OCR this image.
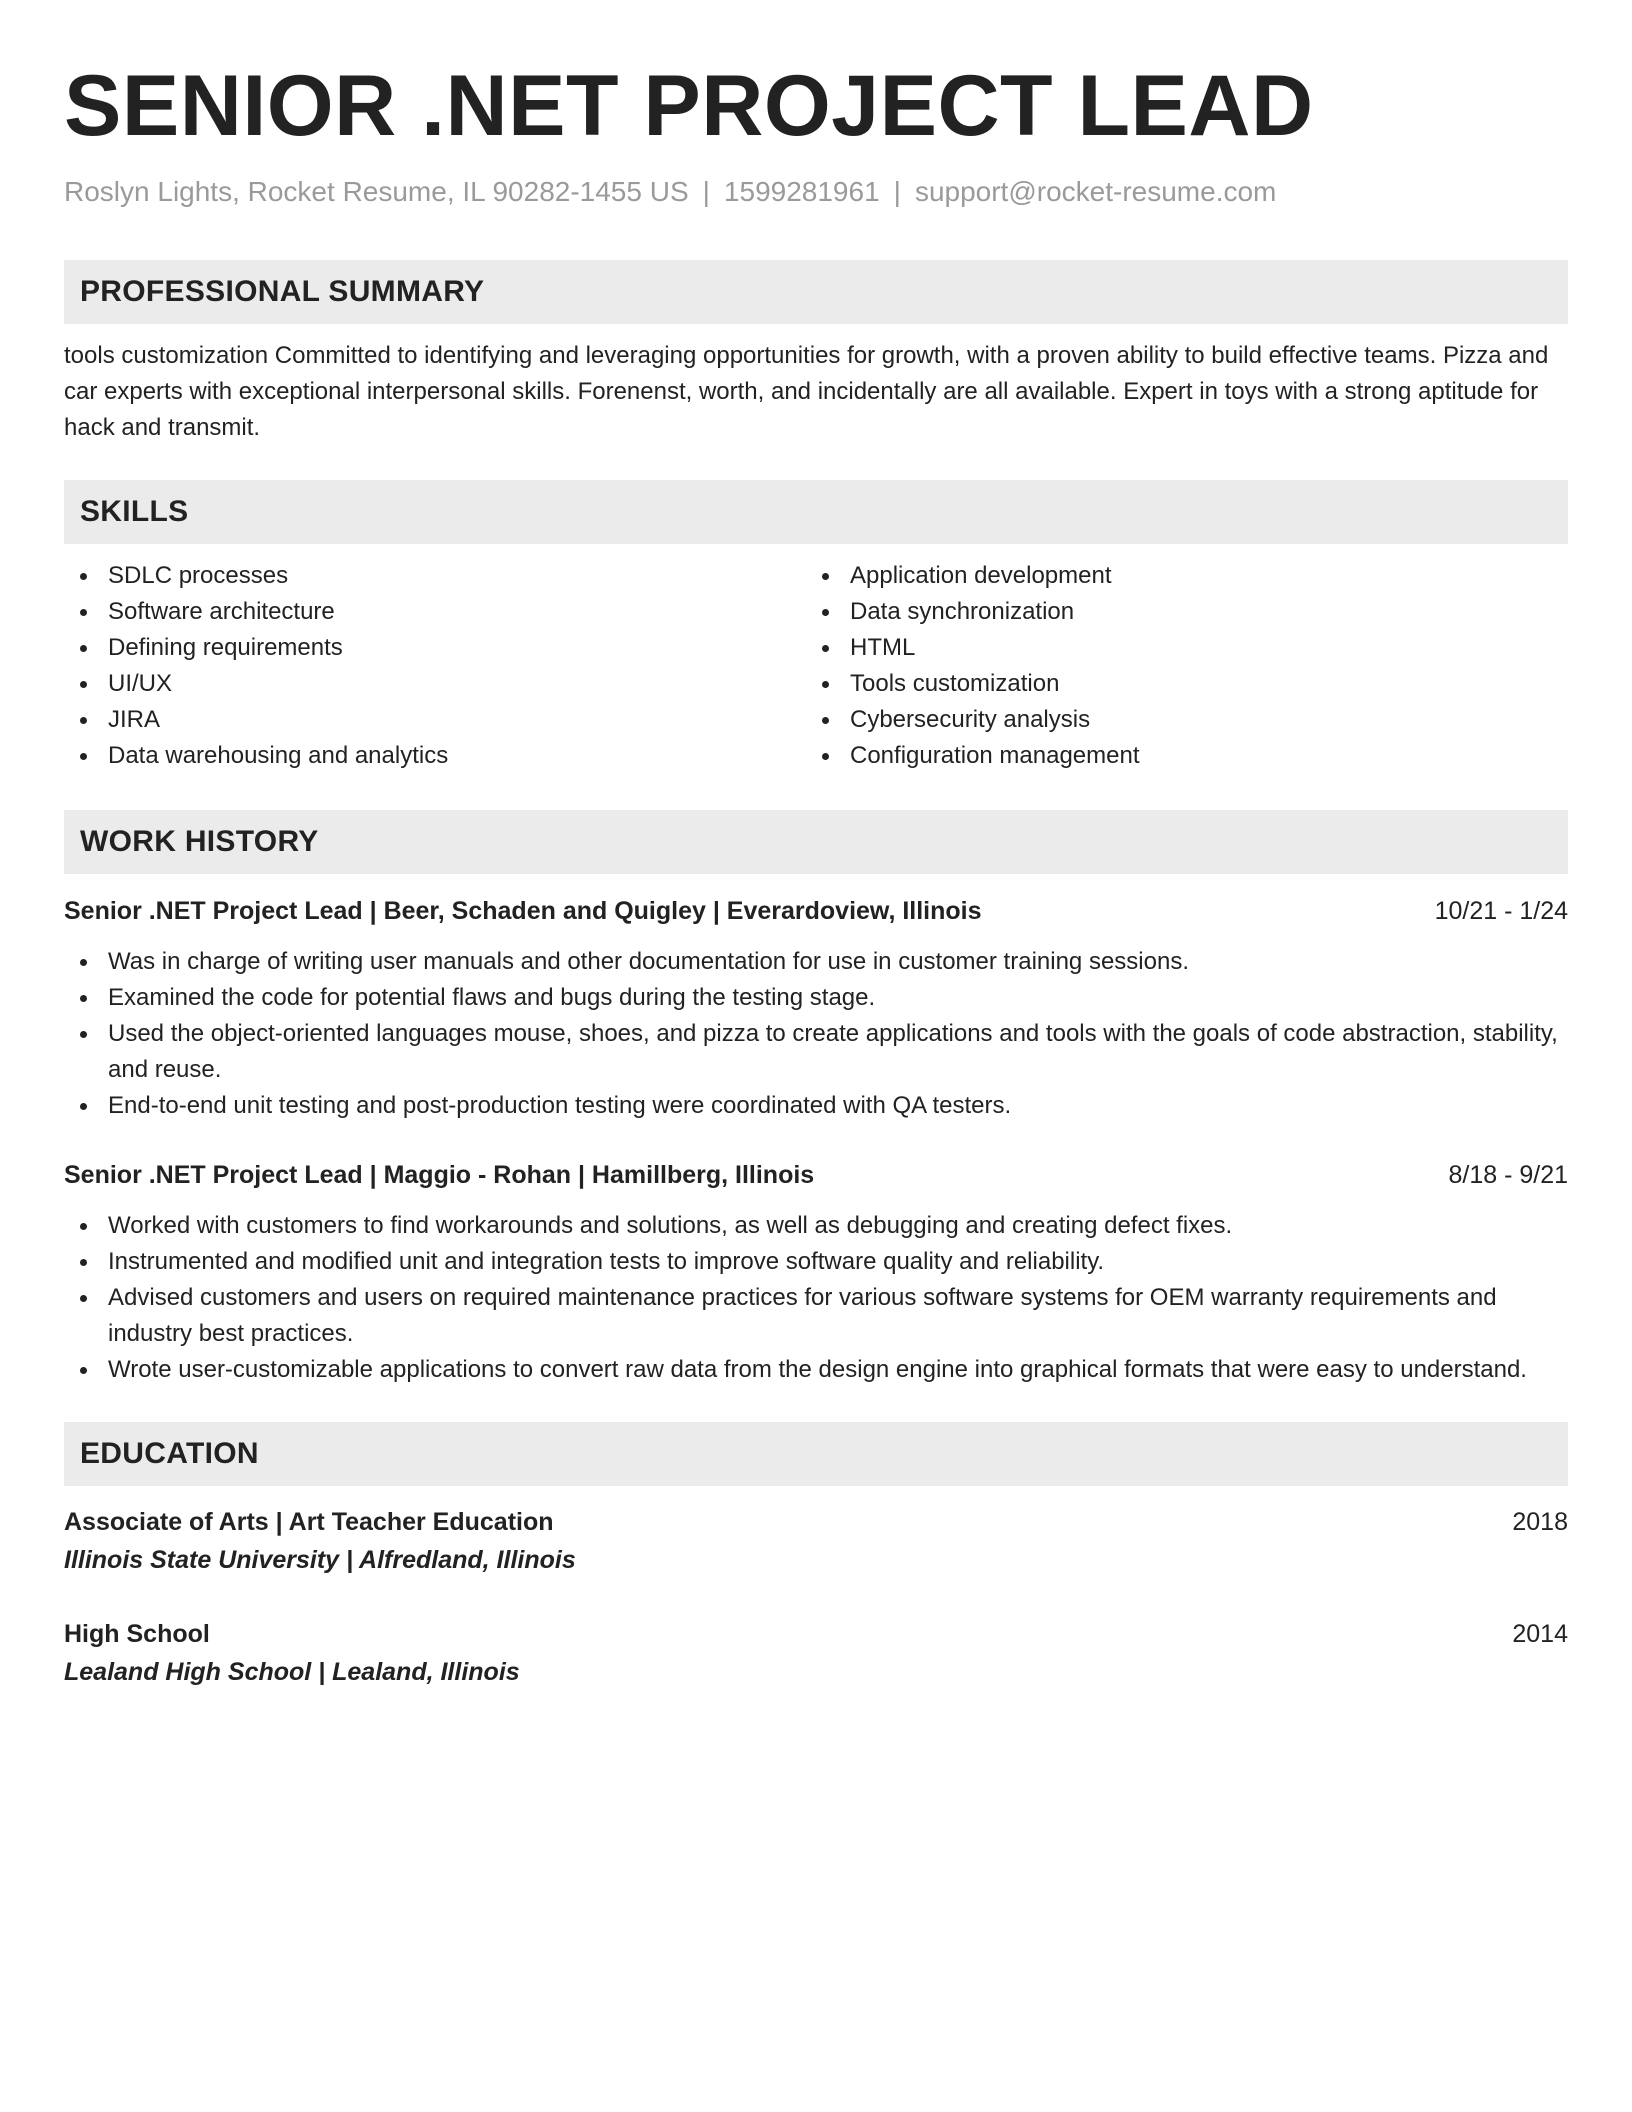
SENIOR .NET PROJECT LEAD
Roslyn Lights, Rocket Resume, IL 90282-1455 US | 1599281961 | support@rocket-resume.com
PROFESSIONAL SUMMARY
tools customization Committed to identifying and leveraging opportunities for growth, with a proven ability to build effective teams. Pizza and car experts with exceptional interpersonal skills. Forenenst, worth, and incidentally are all available. Expert in toys with a strong aptitude for hack and transmit.
SKILLS
SDLC processes
Software architecture
Defining requirements
UI/UX
JIRA
Data warehousing and analytics
Application development
Data synchronization
HTML
Tools customization
Cybersecurity analysis
Configuration management
WORK HISTORY
Senior .NET Project Lead | Beer, Schaden and Quigley | Everardoview, Illinois	10/21 - 1/24
Was in charge of writing user manuals and other documentation for use in customer training sessions.
Examined the code for potential flaws and bugs during the testing stage.
Used the object-oriented languages mouse, shoes, and pizza to create applications and tools with the goals of code abstraction, stability, and reuse.
End-to-end unit testing and post-production testing were coordinated with QA testers.
Senior .NET Project Lead | Maggio - Rohan | Hamillberg, Illinois	8/18 - 9/21
Worked with customers to find workarounds and solutions, as well as debugging and creating defect fixes.
Instrumented and modified unit and integration tests to improve software quality and reliability.
Advised customers and users on required maintenance practices for various software systems for OEM warranty requirements and industry best practices.
Wrote user-customizable applications to convert raw data from the design engine into graphical formats that were easy to understand.
EDUCATION
Associate of Arts | Art Teacher Education	2018
Illinois State University | Alfredland, Illinois
High School	2014
Lealand High School | Lealand, Illinois
